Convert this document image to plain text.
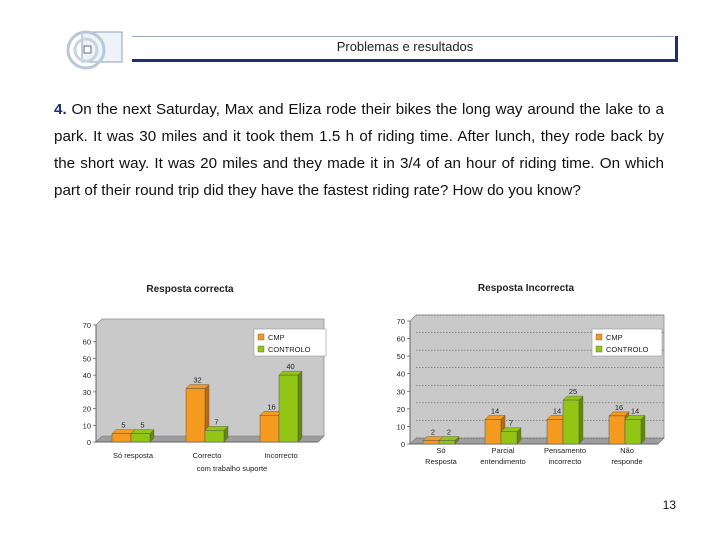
Problemas e resultados
4. On the next Saturday, Max and Eliza rode their bikes the long way around the lake to a park. It was 30 miles and it took them 1.5 h of riding time. After lunch, they rode back by the short way. It was 20 miles and they made it in 3/4 of an hour of riding time. On which part of their round trip did they have the fastest riding rate? How do you know?
Resposta correcta
0
10
20
30
40
50
60
70
5 5
Só resposta
32
7
Correcto
16
40
Incorrecto
com trabalho suporte
CMP
CONTROLO
Resposta Incorrecta
0
10
20
30
40
50
60
70
2 2
Só
Resposta
14
7
Parcial
entendimento
14
25
Pensamento
incorrecto
16 14
Não
responde
CMP
CONTROLO
13
